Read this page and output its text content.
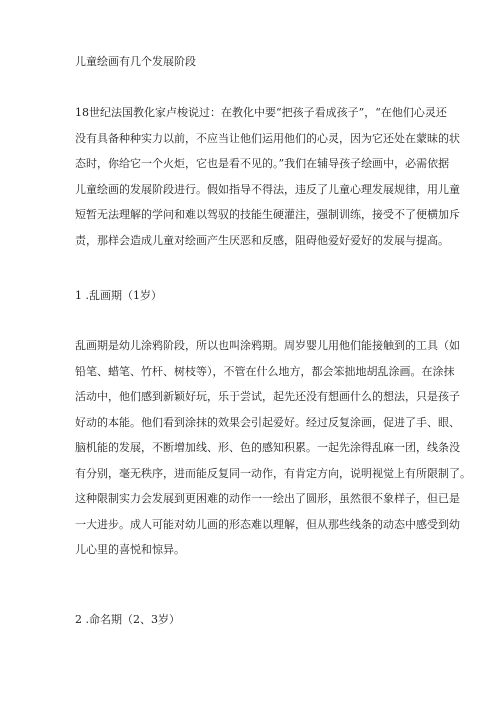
儿童绘画有几个发展阶段
18世纪法国教化家卢梭说过：在教化中要“把孩子看成孩子”，“在他们心灵还
没有具备种种实力以前，不应当让他们运用他们的心灵，因为它还处在蒙昧的状
态时，你给它一个火炬，它也是看不见的。”我们在辅导孩子绘画中，必需依据
儿童绘画的发展阶段进行。假如指导不得法，违反了儿童心理发展规律，用儿童
短暂无法理解的学问和难以驾驭的技能生硬灌注，强制训练，接受不了便横加斥
责，那样会造成儿童对绘画产生厌恶和反感，阻碍他爱好爱好的发展与提高。
1 .乱画期（1岁）
乱画期是幼儿涂鸦阶段，所以也叫涂鸦期。周岁婴儿用他们能接触到的工具（如
铅笔、蜡笔、竹杆、树枝等），不管在什么地方，都会笨拙地胡乱涂画。在涂抹
活动中，他们感到新颖好玩，乐于尝试，起先还没有想画什么的想法，只是孩子
好动的本能。他们看到涂抹的效果会引起爱好。经过反复涂画，促进了手、眼、
脑机能的发展，不断增加线、形、色的感知积累。一起先涂得乱麻一团，线条没
有分别，毫无秩序，进而能反复同一动作，有肯定方向，说明视觉上有所限制了。
这种限制实力会发展到更困难的动作一一绘出了圆形，虽然很不象样子，但已是
一大进步。成人可能对幼儿画的形态难以理解，但从那些线条的动态中感受到幼
儿心里的喜悦和惊异。
2 .命名期（2、3岁）
